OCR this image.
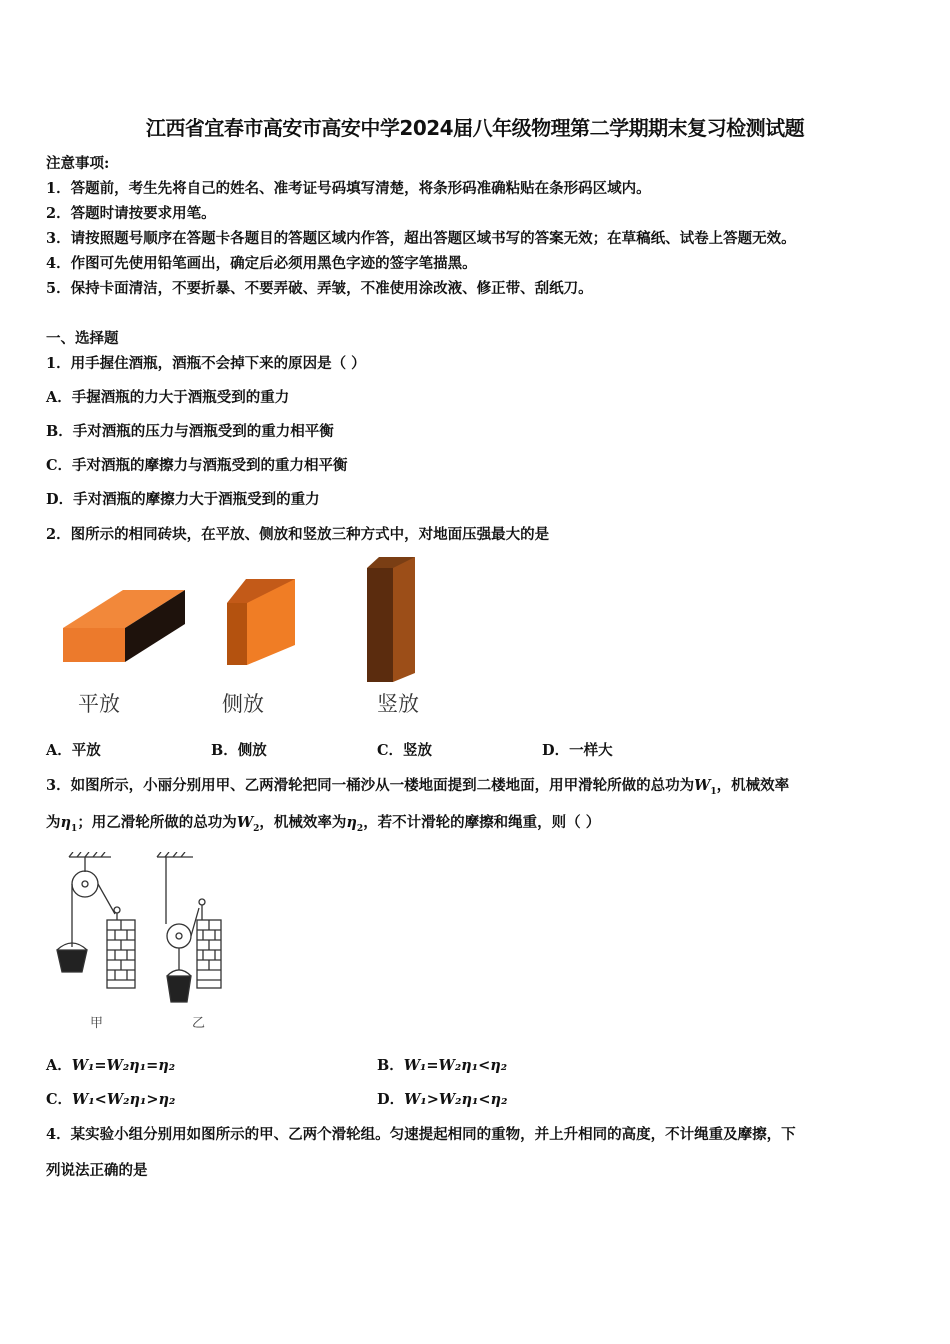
江西省宜春市高安市高安中学2024届八年级物理第二学期期末复习检测试题
注意事项:
1．答题前，考生先将自己的姓名、准考证号码填写清楚，将条形码准确粘贴在条形码区域内。
2．答题时请按要求用笔。
3．请按照题号顺序在答题卡各题目的答题区域内作答，超出答题区域书写的答案无效；在草稿纸、试卷上答题无效。
4．作图可先使用铅笔画出，确定后必须用黑色字迹的签字笔描黑。
5．保持卡面清洁，不要折暴、不要弄破、弄皱，不准使用涂改液、修正带、刮纸刀。
一、选择题
1．用手握住酒瓶，酒瓶不会掉下来的原因是（ ）
A．手握酒瓶的力大于酒瓶受到的重力
B．手对酒瓶的压力与酒瓶受到的重力相平衡
C．手对酒瓶的摩擦力与酒瓶受到的重力相平衡
D．手对酒瓶的摩擦力大于酒瓶受到的重力
2．图所示的相同砖块，在平放、侧放和竖放三种方式中，对地面压强最大的是
平放	侧放	竖放
A．平放	B．侧放	C．竖放	D．一样大
3．如图所示，小丽分别用甲、乙两滑轮把同一桶沙从一楼地面提到二楼地面，用甲滑轮所做的总功为$W_1$，机械效率
为$\eta_1$；用乙滑轮所做的总功为$W_2$，机械效率为$\eta_2$，若不计滑轮的摩擦和绳重，则（ ）
甲	乙
A．W₁=W₂η₁=η₂	B．W₁=W₂η₁<η₂
C．W₁<W₂η₁>η₂	D．W₁>W₂η₁<η₂
4．某实验小组分别用如图所示的甲、乙两个滑轮组。匀速提起相同的重物，并上升相同的高度，不计绳重及摩擦，下
列说法正确的是
